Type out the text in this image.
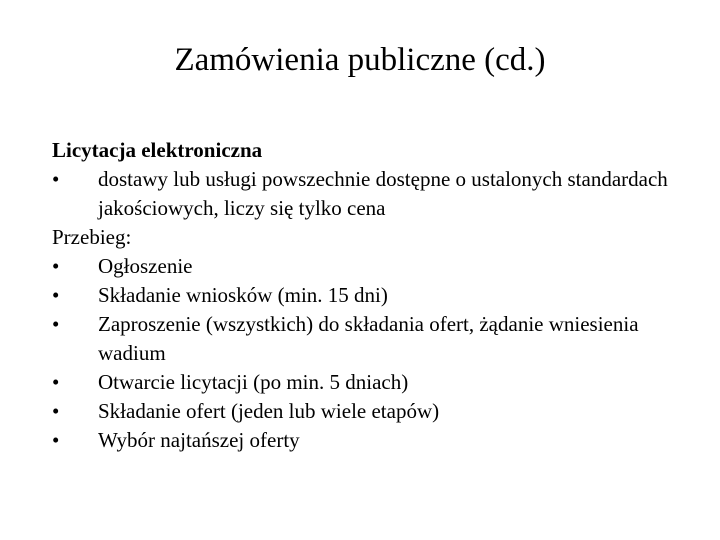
Zamówienia publiczne (cd.)

Licytacja elektroniczna

•	dostawy lub usługi powszechnie dostępne o ustalonych standardach jakościowych, liczy się tylko cena

Przebieg:

•	Ogłoszenie
•	Składanie wniosków (min. 15 dni)
•	Zaproszenie (wszystkich) do składania ofert, żądanie wniesienia wadium
•	Otwarcie licytacji (po min. 5 dniach)
•	Składanie ofert (jeden lub wiele etapów)
•	Wybór najtańszej oferty
